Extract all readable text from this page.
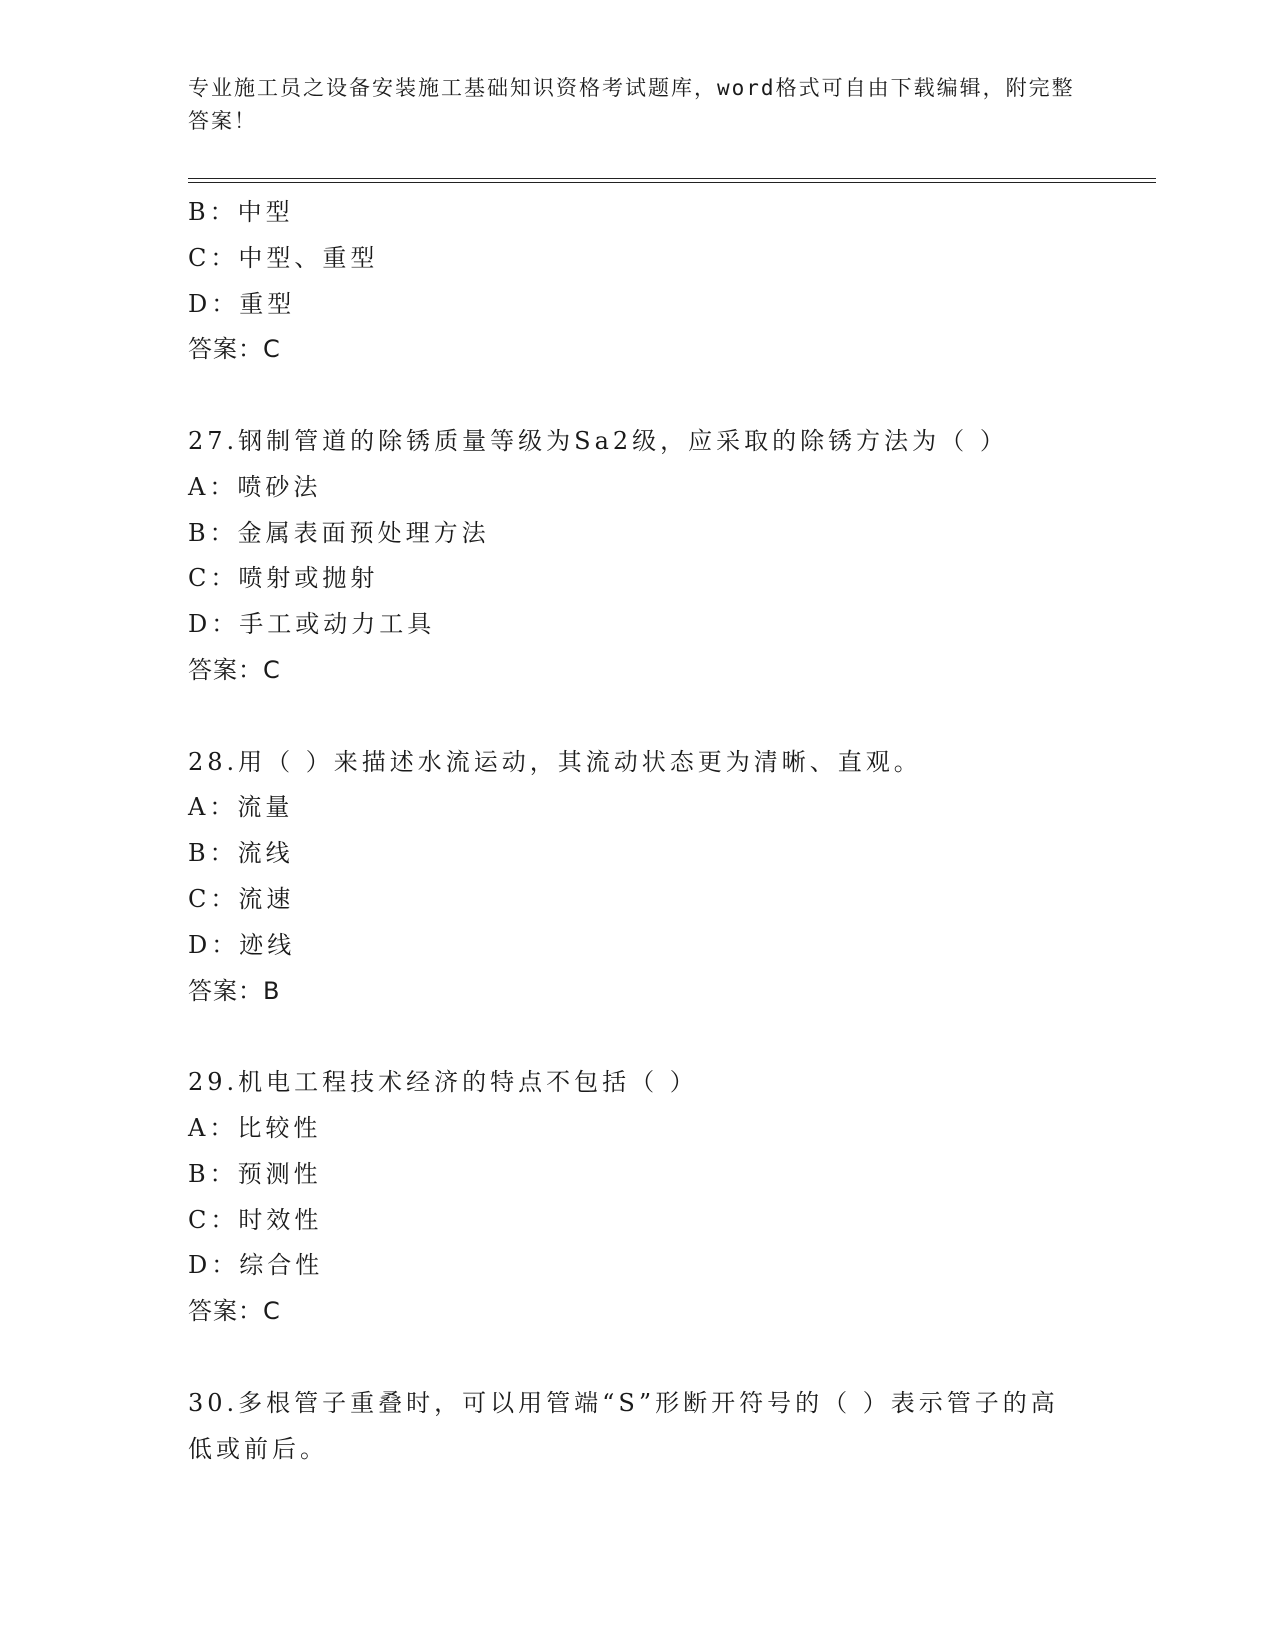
专业施工员之设备安装施工基础知识资格考试题库，word格式可自由下载编辑，附完整答案！
B：中型
C：中型、重型
D：重型
答案：C
27.钢制管道的除锈质量等级为Sa2级，应采取的除锈方法为（ ）
A：喷砂法
B：金属表面预处理方法
C：喷射或抛射
D：手工或动力工具
答案：C
28.用（ ）来描述水流运动，其流动状态更为清晰、直观。
A：流量
B：流线
C：流速
D：迹线
答案：B
29.机电工程技术经济的特点不包括（ ）
A：比较性
B：预测性
C：时效性
D：综合性
答案：C
30.多根管子重叠时，可以用管端“S”形断开符号的（ ）表示管子的高低或前后。
